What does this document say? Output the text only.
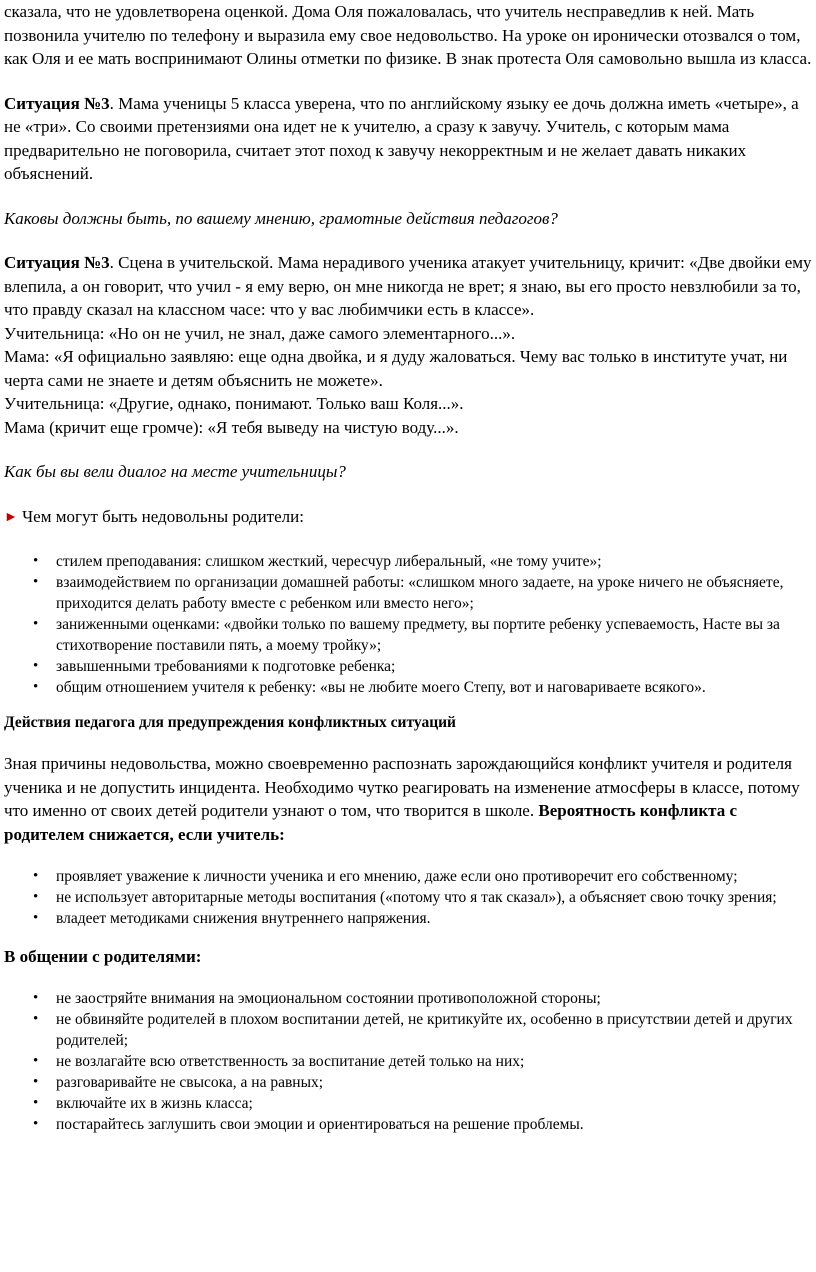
сказала, что не удовлетворена оценкой. Дома Оля пожаловалась, что учитель несправедлив к ней. Мать позвонила учителю по телефону и выразила ему свое недовольство. На уроке он иронически отозвался о том, как Оля и ее мать воспринимают Олины отметки по физике. В знак протеста Оля самовольно вышла из класса.

Ситуация №3. Мама ученицы 5 класса уверена, что по английскому языку ее дочь должна иметь «четыре», а не «три». Со своими претензиями она идет не к учителю, а сразу к завучу. Учитель, с которым мама предварительно не поговорила, считает этот поход к завучу некорректным и не желает давать никаких объяснений.

Каковы должны быть, по вашему мнению, грамотные действия педагогов?

Ситуация №3. Сцена в учительской. Мама нерадивого ученика атакует учительницу, кричит: «Две двойки ему влепила, а он говорит, что учил - я ему верю, он мне никогда не врет; я знаю, вы его просто невзлюбили за то, что правду сказал на классном часе: что у вас любимчики есть в классе».

Учительница: «Но он не учил, не знал, даже самого элементарного...».

Мама: «Я официально заявляю: еще одна двойка, и я дуду жаловаться. Чему вас только в институте учат, ни черта сами не знаете и детям объяснить не можете».

Учительница: «Другие, однако, понимают. Только ваш Коля...».

Мама (кричит еще громче): «Я тебя выведу на чистую воду...».

Как бы вы вели диалог на месте учительницы?

► Чем могут быть недовольны родители:

• стилем преподавания: слишком жесткий, чересчур либеральный, «не тому учите»;
• взаимодействием по организации домашней работы: «слишком много задаете, на уроке ничего не объясняете, приходится делать работу вместе с ребенком или вместо него»;
• заниженными оценками: «двойки только по вашему предмету, вы портите ребенку успеваемость, Насте вы за стихотворение поставили пять, а моему тройку»;
• завышенными требованиями к подготовке ребенка;
• общим отношением учителя к ребенку: «вы не любите моего Степу, вот и наговариваете всякого».

Действия педагога для предупреждения конфликтных ситуаций

Зная причины недовольства, можно своевременно распознать зарождающийся конфликт учителя и родителя ученика и не допустить инцидента. Необходимо чутко реагировать на изменение атмосферы в классе, потому что именно от своих детей родители узнают о том, что творится в школе. Вероятность конфликта с родителем снижается, если учитель:

• проявляет уважение к личности ученика и его мнению, даже если оно противоречит его собственному;
• не использует авторитарные методы воспитания («потому что я так сказал»), а объясняет свою точку зрения;
• владеет методиками снижения внутреннего напряжения.

В общении с родителями:

• не заостряйте внимания на эмоциональном состоянии противоположной стороны;
• не обвиняйте родителей в плохом воспитании детей, не критикуйте их, особенно в присутствии детей и других родителей;
• не возлагайте всю ответственность за воспитание детей только на них;
• разговаривайте не свысока, а на равных;
• включайте их в жизнь класса;
• постарайтесь заглушить свои эмоции и ориентироваться на решение проблемы.
